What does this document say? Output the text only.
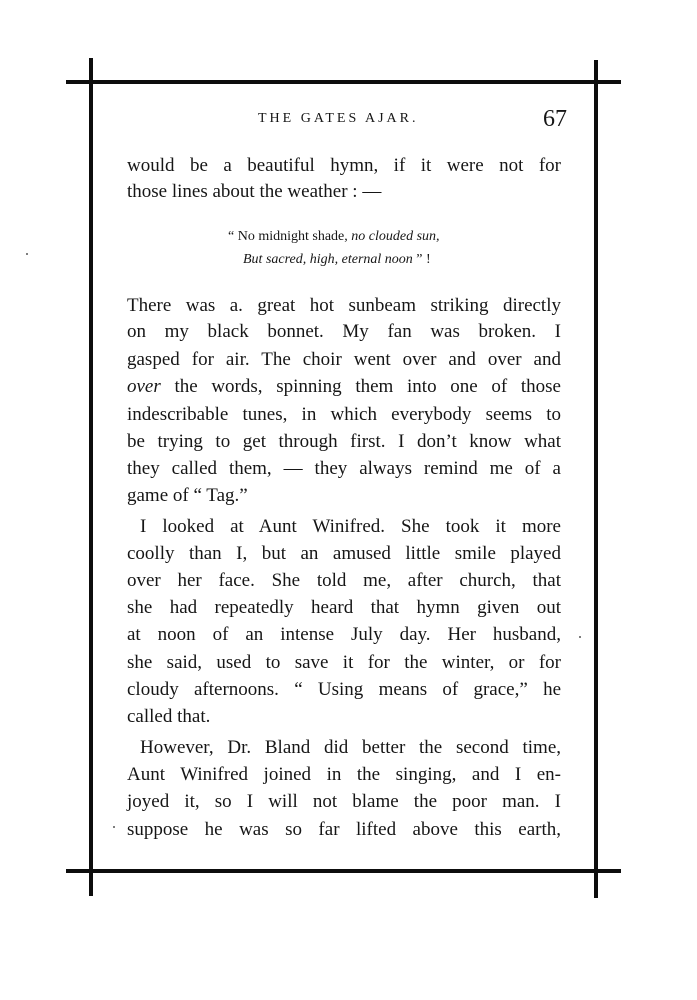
THE GATES AJAR.	67
would be a beautiful hymn, if it were not for
those lines about the weather : —
“ No midnight shade, no clouded sun,
But sacred, high, eternal noon ” !
There was a. great hot sunbeam striking directly
on my black bonnet. My fan was broken. I
gasped for air. The choir went over and over and
over the words, spinning them into one of those
indescribable tunes, in which everybody seems to
be trying to get through first. I don’t know what
they called them, — they always remind me of a
game of “ Tag.”
I looked at Aunt Winifred. She took it more
coolly than I, but an amused little smile played
over her face. She told me, after church, that
she had repeatedly heard that hymn given out
at noon of an intense July day. Her husband,
she said, used to save it for the winter, or for
cloudy afternoons. “ Using means of grace,” he
called that.
However, Dr. Bland did better the second time,
Aunt Winifred joined in the singing, and I en-
joyed it, so I will not blame the poor man. I
suppose he was so far lifted above this earth,
